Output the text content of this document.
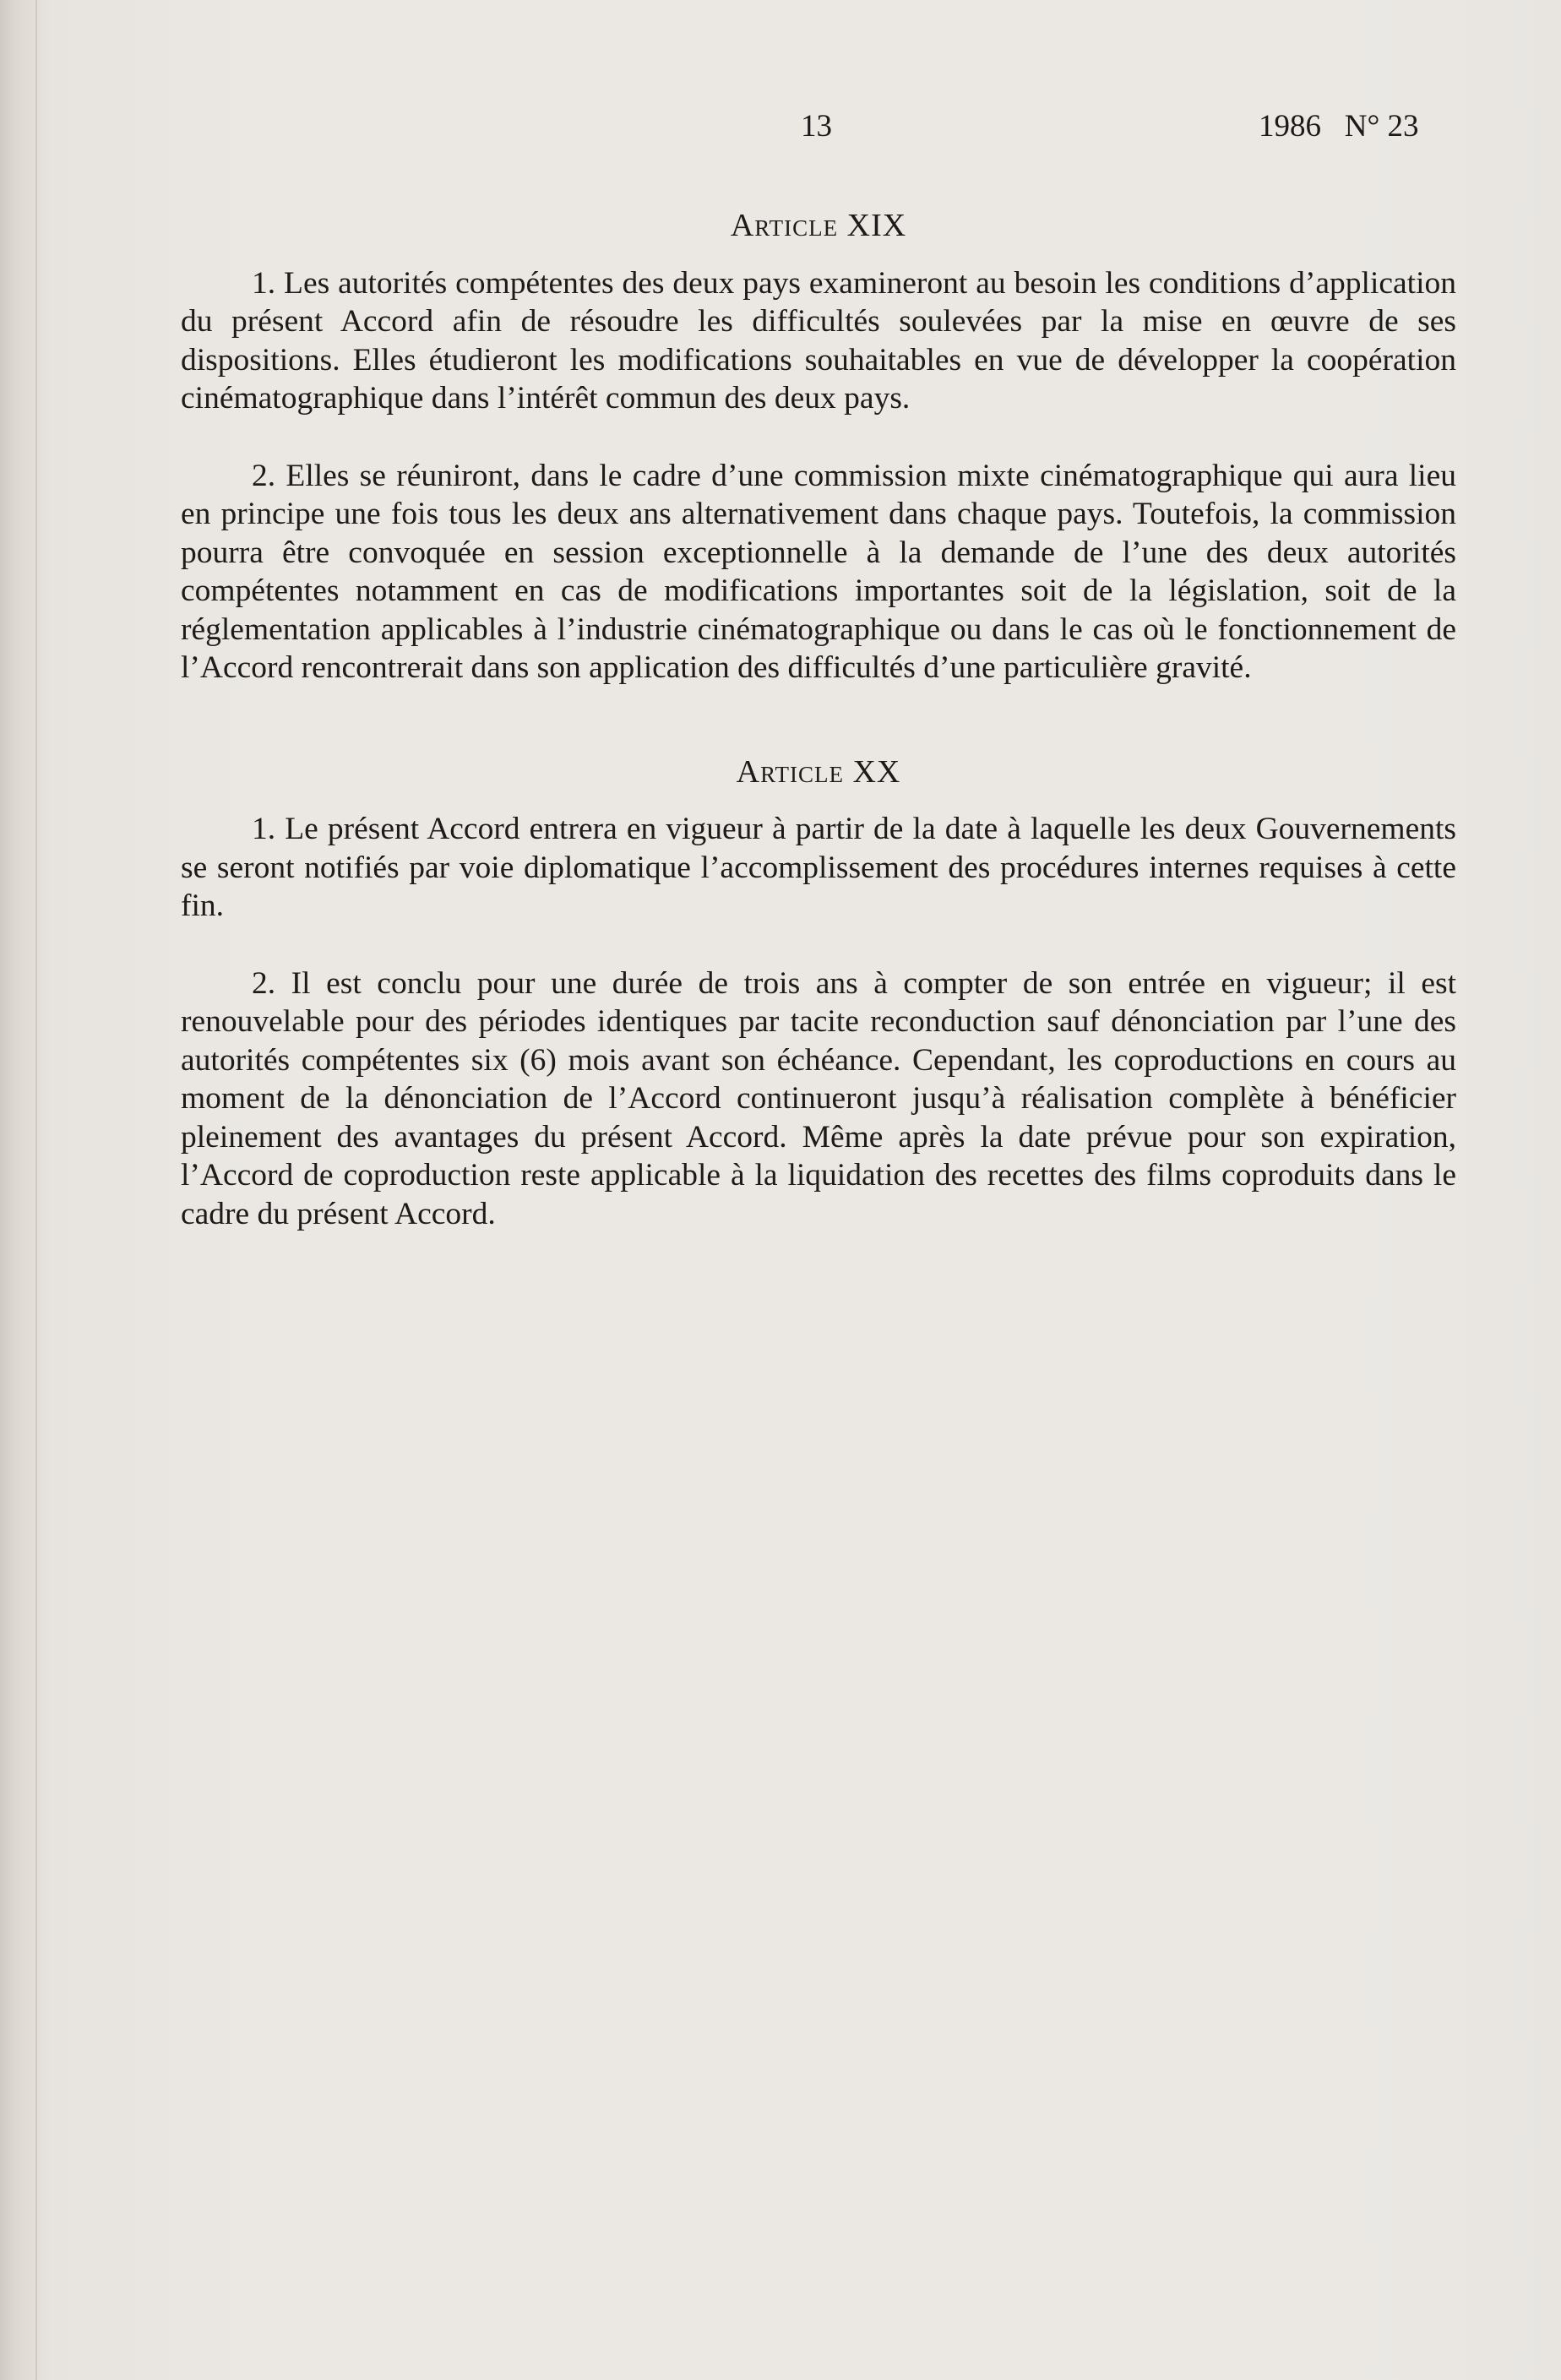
13	1986   N° 23
Article XIX

1. Les autorités compétentes des deux pays examineront au besoin les conditions d’application du présent Accord afin de résoudre les difficultés soulevées par la mise en œuvre de ses dispositions. Elles étudieront les modifications souhaitables en vue de développer la coopération cinématographique dans l’intérêt commun des deux pays.

2. Elles se réuniront, dans le cadre d’une commission mixte cinématographique qui aura lieu en principe une fois tous les deux ans alternativement dans chaque pays. Toutefois, la commission pourra être convoquée en session exceptionnelle à la demande de l’une des deux autorités compétentes notamment en cas de modifications importantes soit de la législation, soit de la réglementation applicables à l’industrie cinématographique ou dans le cas où le fonctionnement de l’Accord rencontrerait dans son application des difficultés d’une particulière gravité.

Article XX

1. Le présent Accord entrera en vigueur à partir de la date à laquelle les deux Gouvernements se seront notifiés par voie diplomatique l’accomplissement des procédures internes requises à cette fin.

2. Il est conclu pour une durée de trois ans à compter de son entrée en vigueur; il est renouvelable pour des périodes identiques par tacite reconduction sauf dénonciation par l’une des autorités compétentes six (6) mois avant son échéance. Cependant, les coproductions en cours au moment de la dénonciation de l’Accord continueront jusqu’à réalisation complète à bénéficier pleinement des avantages du présent Accord. Même après la date prévue pour son expiration, l’Accord de coproduction reste applicable à la liquidation des recettes des films coproduits dans le cadre du présent Accord.
